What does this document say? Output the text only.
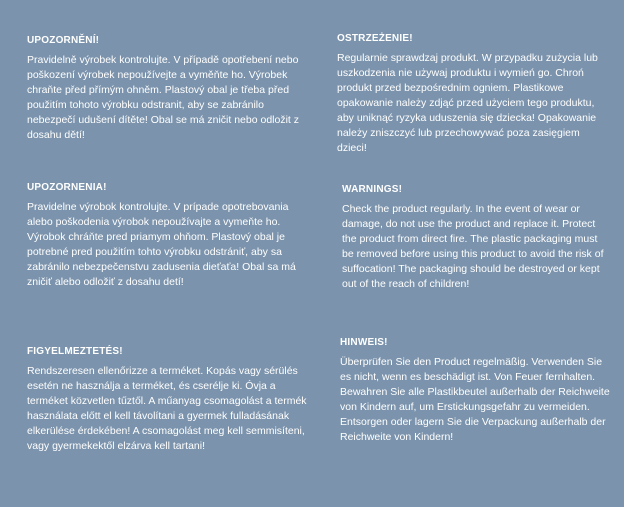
UPOZORNĚNÍ!

Pravidelně výrobek kontrolujte. V případě opotřebení nebo poškození výrobek nepoužívejte a vyměňte ho. Výrobek chraňte před přímým ohněm. Plastový obal je třeba před použitím tohoto výrobku odstranit, aby se zabránilo nebezpečí udušení dítěte! Obal se má zničit nebo odložit z dosahu dětí!

OSTRZEŻENIE!

Regularnie sprawdzaj produkt. W przypadku zużycia lub uszkodzenia nie używaj produktu i wymień go. Chroń produkt przed bezpośrednim ogniem. Plastikowe opakowanie należy zdjąć przed użyciem tego produktu, aby uniknąć ryzyka uduszenia się dziecka! Opakowanie należy zniszczyć lub przechowywać poza zasięgiem dzieci!

UPOZORNENIA!

Pravidelne výrobok kontrolujte. V prípade opotrebovania alebo poškodenia výrobok nepoužívajte a vymeňte ho. Výrobok chráňte pred priamym ohňom. Plastový obal je potrebné pred použitím tohto výrobku odstrániť, aby sa zabránilo nebezpečenstvu zadusenia dieťaťa! Obal sa má zničiť alebo odložiť z dosahu detí!

WARNINGS!

Check the product regularly. In the event of wear or damage, do not use the product and replace it. Protect the product from direct fire. The plastic packaging must be removed before using this product to avoid the risk of suffocation! The packaging should be destroyed or kept out of the reach of children!

FIGYELMEZTETÉS!

Rendszeresen ellenőrizze a terméket. Kopás vagy sérülés esetén ne használja a terméket, és cserélje ki. Óvja a terméket közvetlen tűztől. A műanyag csomagolást a termék használata előtt el kell távolítani a gyermek fulladásának elkerülése érdekében! A csomagolást meg kell semmisíteni, vagy gyermekektől elzárva kell tartani!

HINWEIS!

Überprüfen Sie den Product regelmäßig. Verwenden Sie es nicht, wenn es beschädigt ist. Von Feuer fernhalten. Bewahren Sie alle Plastikbeutel außerhalb der Reichweite von Kindern auf, um Erstickungsgefahr zu vermeiden. Entsorgen oder lagern Sie die Verpackung außerhalb der Reichweite von Kindern!
